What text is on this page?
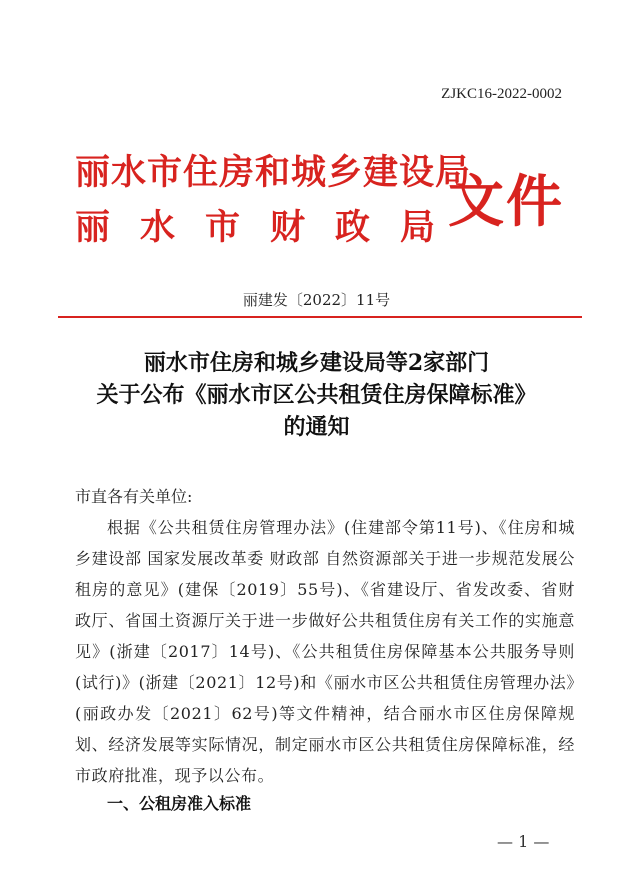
ZJKC16-2022-0002
丽水市住房和城乡建设局
丽水市财政局
文件
丽建发〔2022〕11号
丽水市住房和城乡建设局等2家部门
关于公布《丽水市区公共租赁住房保障标准》
的通知
市直各有关单位:
根据《公共租赁住房管理办法》(住建部令第11号)、《住房和城乡建设部 国家发展改革委 财政部 自然资源部关于进一步规范发展公租房的意见》(建保〔2019〕55号)、《省建设厅、省发改委、省财政厅、省国土资源厅关于进一步做好公共租赁住房有关工作的实施意见》(浙建〔2017〕14号)、《公共租赁住房保障基本公共服务导则(试行)》(浙建〔2021〕12号)和《丽水市区公共租赁住房管理办法》(丽政办发〔2021〕62号)等文件精神，结合丽水市区住房保障规划、经济发展等实际情况，制定丽水市区公共租赁住房保障标准，经市政府批准，现予以公布。
一、公租房准入标准
— 1 —
